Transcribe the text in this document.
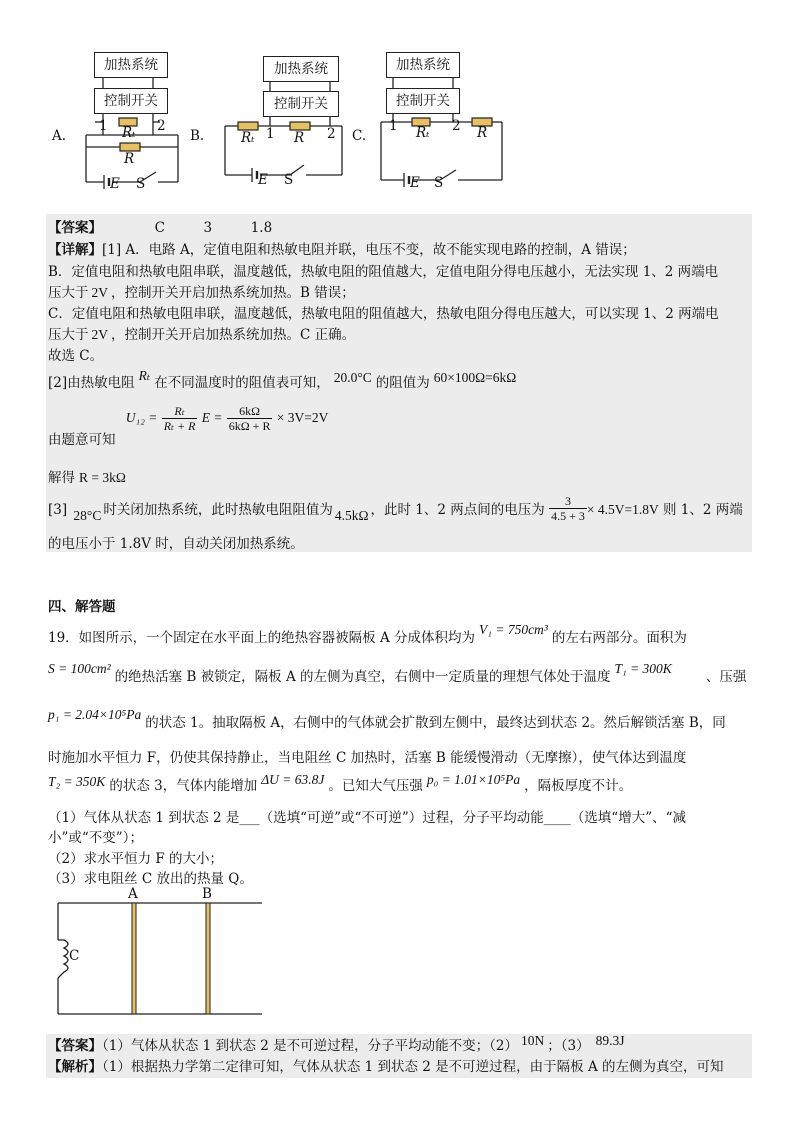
A.
加热系统
控制开关
1	2
Rₜ
R
E S
B.
加热系统
控制开关
Rₜ 1	2
R
E S
C.
加热系统
控制开关
1	2
Rₜ	R
E S
【答案】	C	3	1.8
【详解】[1] A．电路 A，定值电阻和热敏电阻并联，电压不变，故不能实现电路的控制，A 错误；
B．定值电阻和热敏电阻串联，温度越低，热敏电阻的阻值越大，定值电阻分得电压越小，无法实现 1、2 两端电
压大于 2V ，控制开关开启加热系统加热。B 错误；
C．定值电阻和热敏电阻串联，温度越低，热敏电阻的阻值越大，热敏电阻分得电压越大，可以实现 1、2 两端电
压大于 2V ，控制开关开启加热系统加热。C 正确。
故选 C。
[2]由热敏电阻 Rₜ 在不同温度时的阻值表可知， 20.0°C 的阻值为 60×100Ω=6kΩ
由题意可知 $U_{12} = \frac{\text{Rₜ}}{\text{Rₜ + R}}$ $E = \frac{6k\Omega}{6k\Omega + R} \times 3V=2V$
解得 R = 3kΩ
[3] 28°C 时关闭加热系统，此时热敏电阻阻值为 4.5kΩ ，此时 1、2 两点间的电压为 $\frac{3}{4.5 + 3} \times 4.5V=1.8V$ 则 1、2 两端
的电压小于 1.8V 时，自动关闭加热系统。
四、解答题
19．如图所示，一个固定在水平面上的绝热容器被隔板 A 分成体积均为V₁ = 750cm³的左右两部分。面积为
S = 100cm²的绝热活塞 B 被锁定，隔板 A 的左侧为真空，右侧中一定质量的理想气体处于温度T₁ = 300K、压强
p₁ = 2.04×10⁵Pa的状态 1。抽取隔板 A，右侧中的气体就会扩散到左侧中，最终达到状态 2。然后解锁活塞 B，同
时施加水平恒力 F，仍使其保持静止，当电阻丝 C 加热时，活塞 B 能缓慢滑动（无摩擦），使气体达到温度
T₂ = 350K 的状态 3，气体内能增加 ΔU = 63.8J 。已知大气压强 p₀ = 1.01×10⁵Pa ，隔板厚度不计。
（1）气体从状态 1 到状态 2 是___（选填“可逆”或“不可逆”）过程，分子平均动能____（选填“增大”、“减
小”或“不变”）；
（2）求水平恒力 F 的大小；
（3）求电阻丝 C 放出的热量 Q。
A	B
C
【答案】（1）气体从状态 1 到状态 2 是不可逆过程，分子平均动能不变；（2） 10N ；（3） 89.3J
【解析】（1）根据热力学第二定律可知，气体从状态 1 到状态 2 是不可逆过程，由于隔板 A 的左侧为真空，可知
